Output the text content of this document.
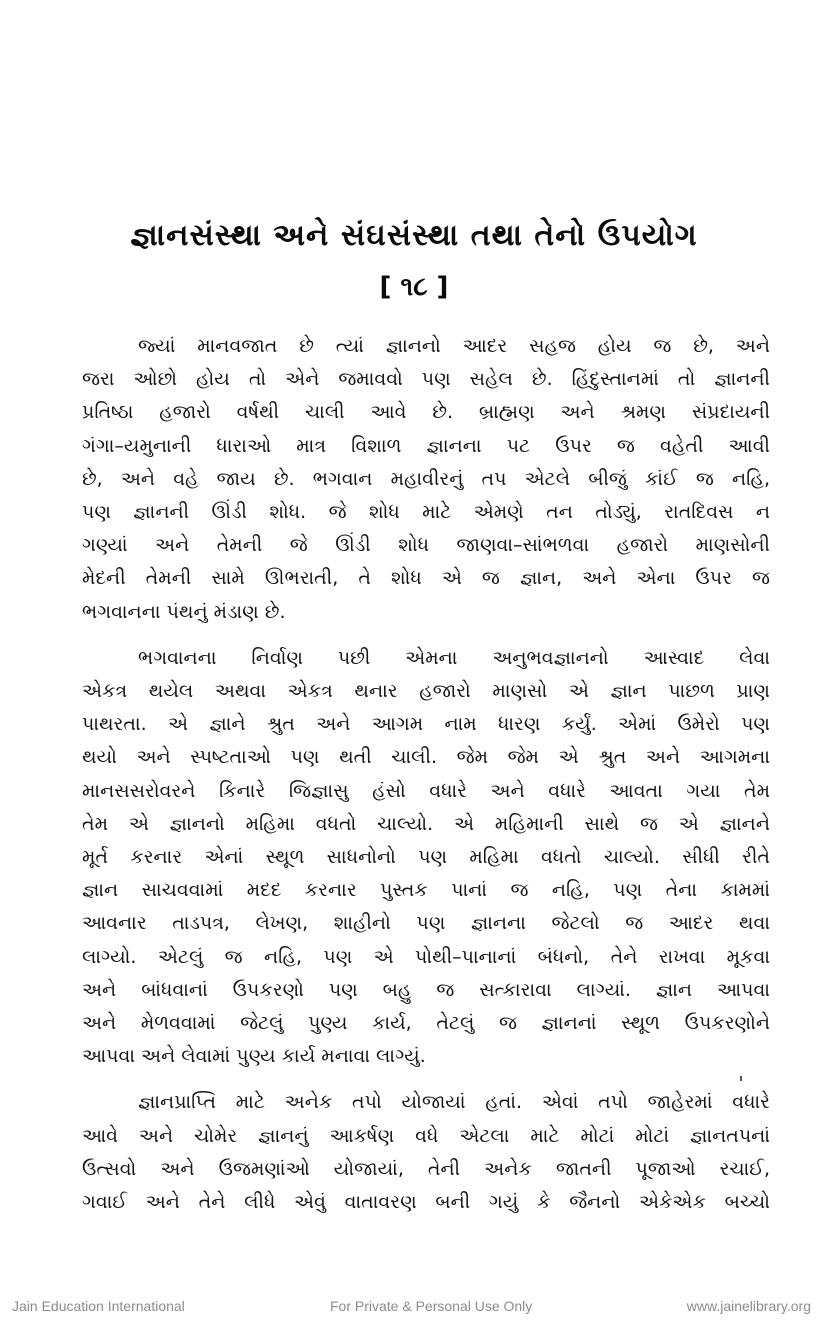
જ્ઞાનસંસ્થા અને સંઘસંસ્થા તથા તેનો ઉપયોગ
[ ૧૮ ]

જ્યાં માનવજાત છે ત્યાં જ્ઞાનનો આદર સહજ હોય જ છે, અને
જરા ઓછો હોય તો એને જમાવવો પણ સહેલ છે. હિંદુસ્તાનમાં તો જ્ઞાનની
પ્રતિષ્ઠા હજારો વર્ષથી ચાલી આવે છે. બ્રાહ્મણ અને શ્રમણ સંપ્રદાયની
ગંગા–યમુનાની ધારાઓ માત્ર વિશાળ જ્ઞાનના પટ ઉપર જ વહેતી આવી
છે, અને વહે જાય છે. ભગવાન મહાવીરનું તપ એટલે બીજું કાંઈ જ નહિ,
પણ જ્ઞાનની ઊંડી શોધ. જે શોધ માટે એમણે તન તોડ્યું, રાતદિવસ ન
ગણ્યાં અને તેમની જે ઊંડી શોધ જાણવા–સાંભળવા હજારો માણસોની
મેદની તેમની સામે ઊભરાતી, તે શોધ એ જ જ્ઞાન, અને એના ઉપર જ
ભગવાનના પંથનું મંડાણ છે.

ભગવાનના નિર્વાણ પછી એમના અનુભવજ્ઞાનનો આસ્વાદ લેવા
એકત્ર થયેલ અથવા એકત્ર થનાર હજારો માણસો એ જ્ઞાન પાછળ પ્રાણ
પાથરતા. એ જ્ઞાને શ્રુત અને આગમ નામ ધારણ કર્યું. એમાં ઉમેરો પણ
થયો અને સ્પષ્ટતાઓ પણ થતી ચાલી. જેમ જેમ એ શ્રુત અને આગમના
માનસસરોવરને કિનારે જિજ્ઞાસુ હંસો વધારે અને વધારે આવતા ગયા તેમ
તેમ એ જ્ઞાનનો મહિમા વધતો ચાલ્યો. એ મહિમાની સાથે જ એ જ્ઞાનને
મૂર્ત કરનાર એનાં સ્થૂળ સાધનોનો પણ મહિમા વધતો ચાલ્યો. સીધી રીતે
જ્ઞાન સાચવવામાં મદદ કરનાર પુસ્તક પાનાં જ નહિ, પણ તેના કામમાં
આવનાર તાડપત્ર, લેખણ, શાહીનો પણ જ્ઞાનના જેટલો જ આદર થવા
લાગ્યો. એટલું જ નહિ, પણ એ પોથી–પાનાનાં બંધનો, તેને રાખવા મૂકવા
અને બાંધવાનાં ઉપકરણો પણ બહુ જ સત્કારાવા લાગ્યાં. જ્ઞાન આપવા
અને મેળવવામાં જેટલું પુણ્ય કાર્ય, તેટલું જ જ્ઞાનનાં સ્થૂળ ઉપકરણોને
આપવા અને લેવામાં પુણ્ય કાર્ય મનાવા લાગ્યું.

જ્ઞાનપ્રાપ્તિ માટે અનેક તપો યોજાયાં હતાં. એવાં તપો જાહેરમાં વધારે
આવે અને ચોમેર જ્ઞાનનું આકર્ષણ વધે એટલા માટે મોટાં મોટાં જ્ઞાનતપનાં
ઉત્સવો અને ઉજમણાંઓ યોજાયાં, તેની અનેક જાતની પૂજાઓ રચાઈ,
ગવાઈ અને તેને લીધે એવું વાતાવરણ બની ગયું કે જૈનનો એકેએક બચ્ચો

Jain Education International	For Private & Personal Use Only	www.jainelibrary.org
